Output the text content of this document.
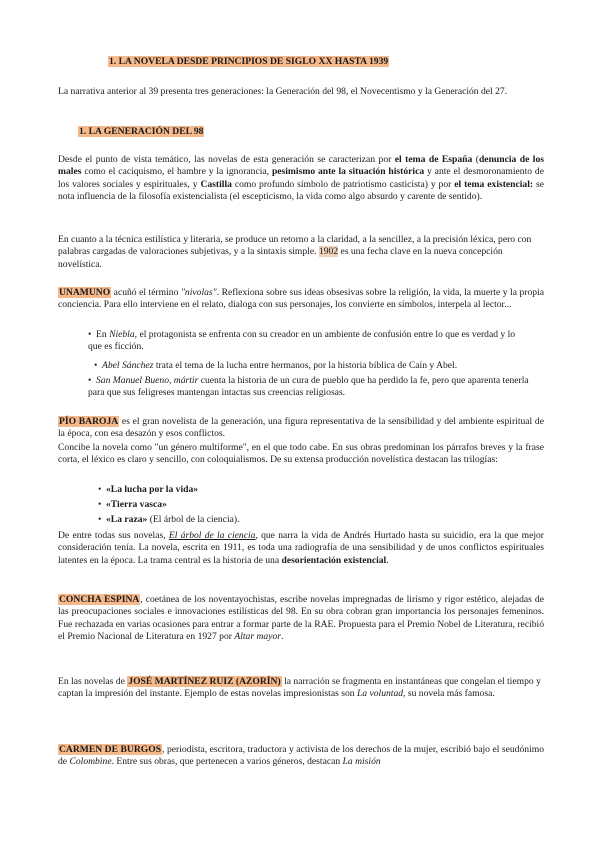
1. LA NOVELA DESDE PRINCIPIOS DE SIGLO XX HASTA 1939

La narrativa anterior al 39 presenta tres generaciones: la Generación del 98, el Novecentismo y la Generación del 27.

1. LA GENERACIÓN DEL 98

Desde el punto de vista temático, las novelas de esta generación se caracterizan por el tema de España (denuncia de los males como el caciquismo, el hambre y la ignorancia, pesimismo ante la situación histórica y ante el desmoronamiento de los valores sociales y espirituales, y Castilla como profundo símbolo de patriotismo casticista) y por el tema existencial: se nota influencia de la filosofía existencialista (el escepticismo, la vida como algo absurdo y carente de sentido).

En cuanto a la técnica estilística y literaria, se produce un retorno a la claridad, a la sencillez, a la precisión léxica, pero con palabras cargadas de valoraciones subjetivas, y a la sintaxis simple. 1902 es una fecha clave en la nueva concepción novelística.

UNAMUNO acuñó el término "nivolas". Reflexiona sobre sus ideas obsesivas sobre la religión, la vida, la muerte y la propia conciencia. Para ello interviene en el relato, dialoga con sus personajes, los convierte en símbolos, interpela al lector...

• En Niebla, el protagonista se enfrenta con su creador en un ambiente de confusión entre lo que es verdad y lo que es ficción.
• Abel Sánchez trata el tema de la lucha entre hermanos, por la historia bíblica de Caín y Abel.
• San Manuel Bueno, mártir cuenta la historia de un cura de pueblo que ha perdido la fe, pero que aparenta tenerla para que sus feligreses mantengan intactas sus creencias religiosas.

PÍO BAROJA es el gran novelista de la generación, una figura representativa de la sensibilidad y del ambiente espiritual de la época, con esa desazón y esos conflictos.

Concibe la novela como "un género multiforme", en el que todo cabe. En sus obras predominan los párrafos breves y la frase corta, el léxico es claro y sencillo, con coloquialismos. De su extensa producción novelística destacan las trilogías:

• «La lucha por la vida»
• «Tierra vasca»
• «La raza» (El árbol de la ciencia).

De entre todas sus novelas, El árbol de la ciencia, que narra la vida de Andrés Hurtado hasta su suicidio, era la que mejor consideración tenía. La novela, escrita en 1911, es toda una radiografía de una sensibilidad y de unos conflictos espirituales latentes en la época. La trama central es la historia de una desorientación existencial.

CONCHA ESPINA, coetánea de los noventayochistas, escribe novelas impregnadas de lirismo y rigor estético, alejadas de las preocupaciones sociales e innovaciones estilísticas del 98. En su obra cobran gran importancia los personajes femeninos. Fue rechazada en varias ocasiones para entrar a formar parte de la RAE. Propuesta para el Premio Nobel de Literatura, recibió el Premio Nacional de Literatura en 1927 por Altar mayor.

En las novelas de JOSÉ MARTÍNEZ RUIZ (AZORÍN) la narración se fragmenta en instantáneas que congelan el tiempo y captan la impresión del instante. Ejemplo de estas novelas impresionistas son La voluntad, su novela más famosa.

CARMEN DE BURGOS, periodista, escritora, traductora y activista de los derechos de la mujer, escribió bajo el seudónimo de Colombine. Entre sus obras, que pertenecen a varios géneros, destacan La misión
